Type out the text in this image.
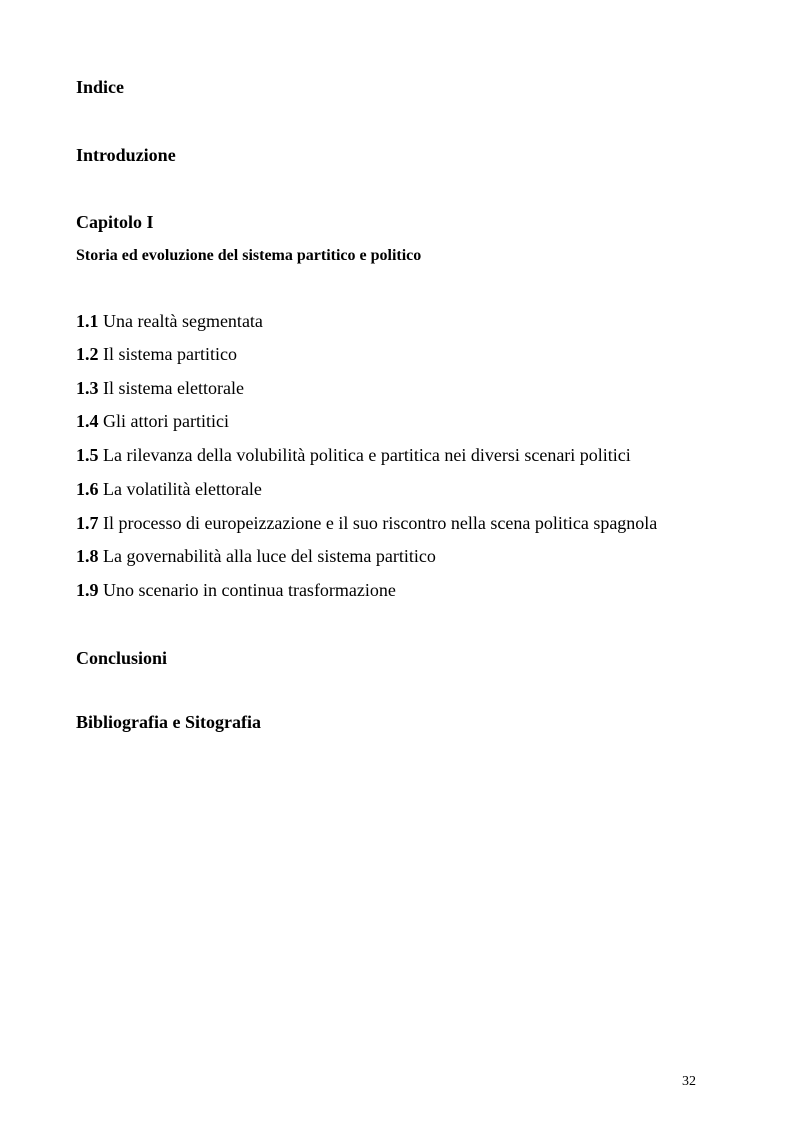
Indice
Introduzione
Capitolo I
Storia ed evoluzione del sistema partitico e politico
1.1 Una realtà segmentata
1.2 Il sistema partitico
1.3 Il sistema elettorale
1.4 Gli attori partitici
1.5 La rilevanza della volubilità politica e partitica nei diversi scenari politici
1.6 La volatilità elettorale
1.7 Il processo di europeizzazione e il suo riscontro nella scena politica spagnola
1.8 La governabilità alla luce del sistema partitico
1.9 Uno scenario in continua trasformazione
Conclusioni
Bibliografia e Sitografia
32
